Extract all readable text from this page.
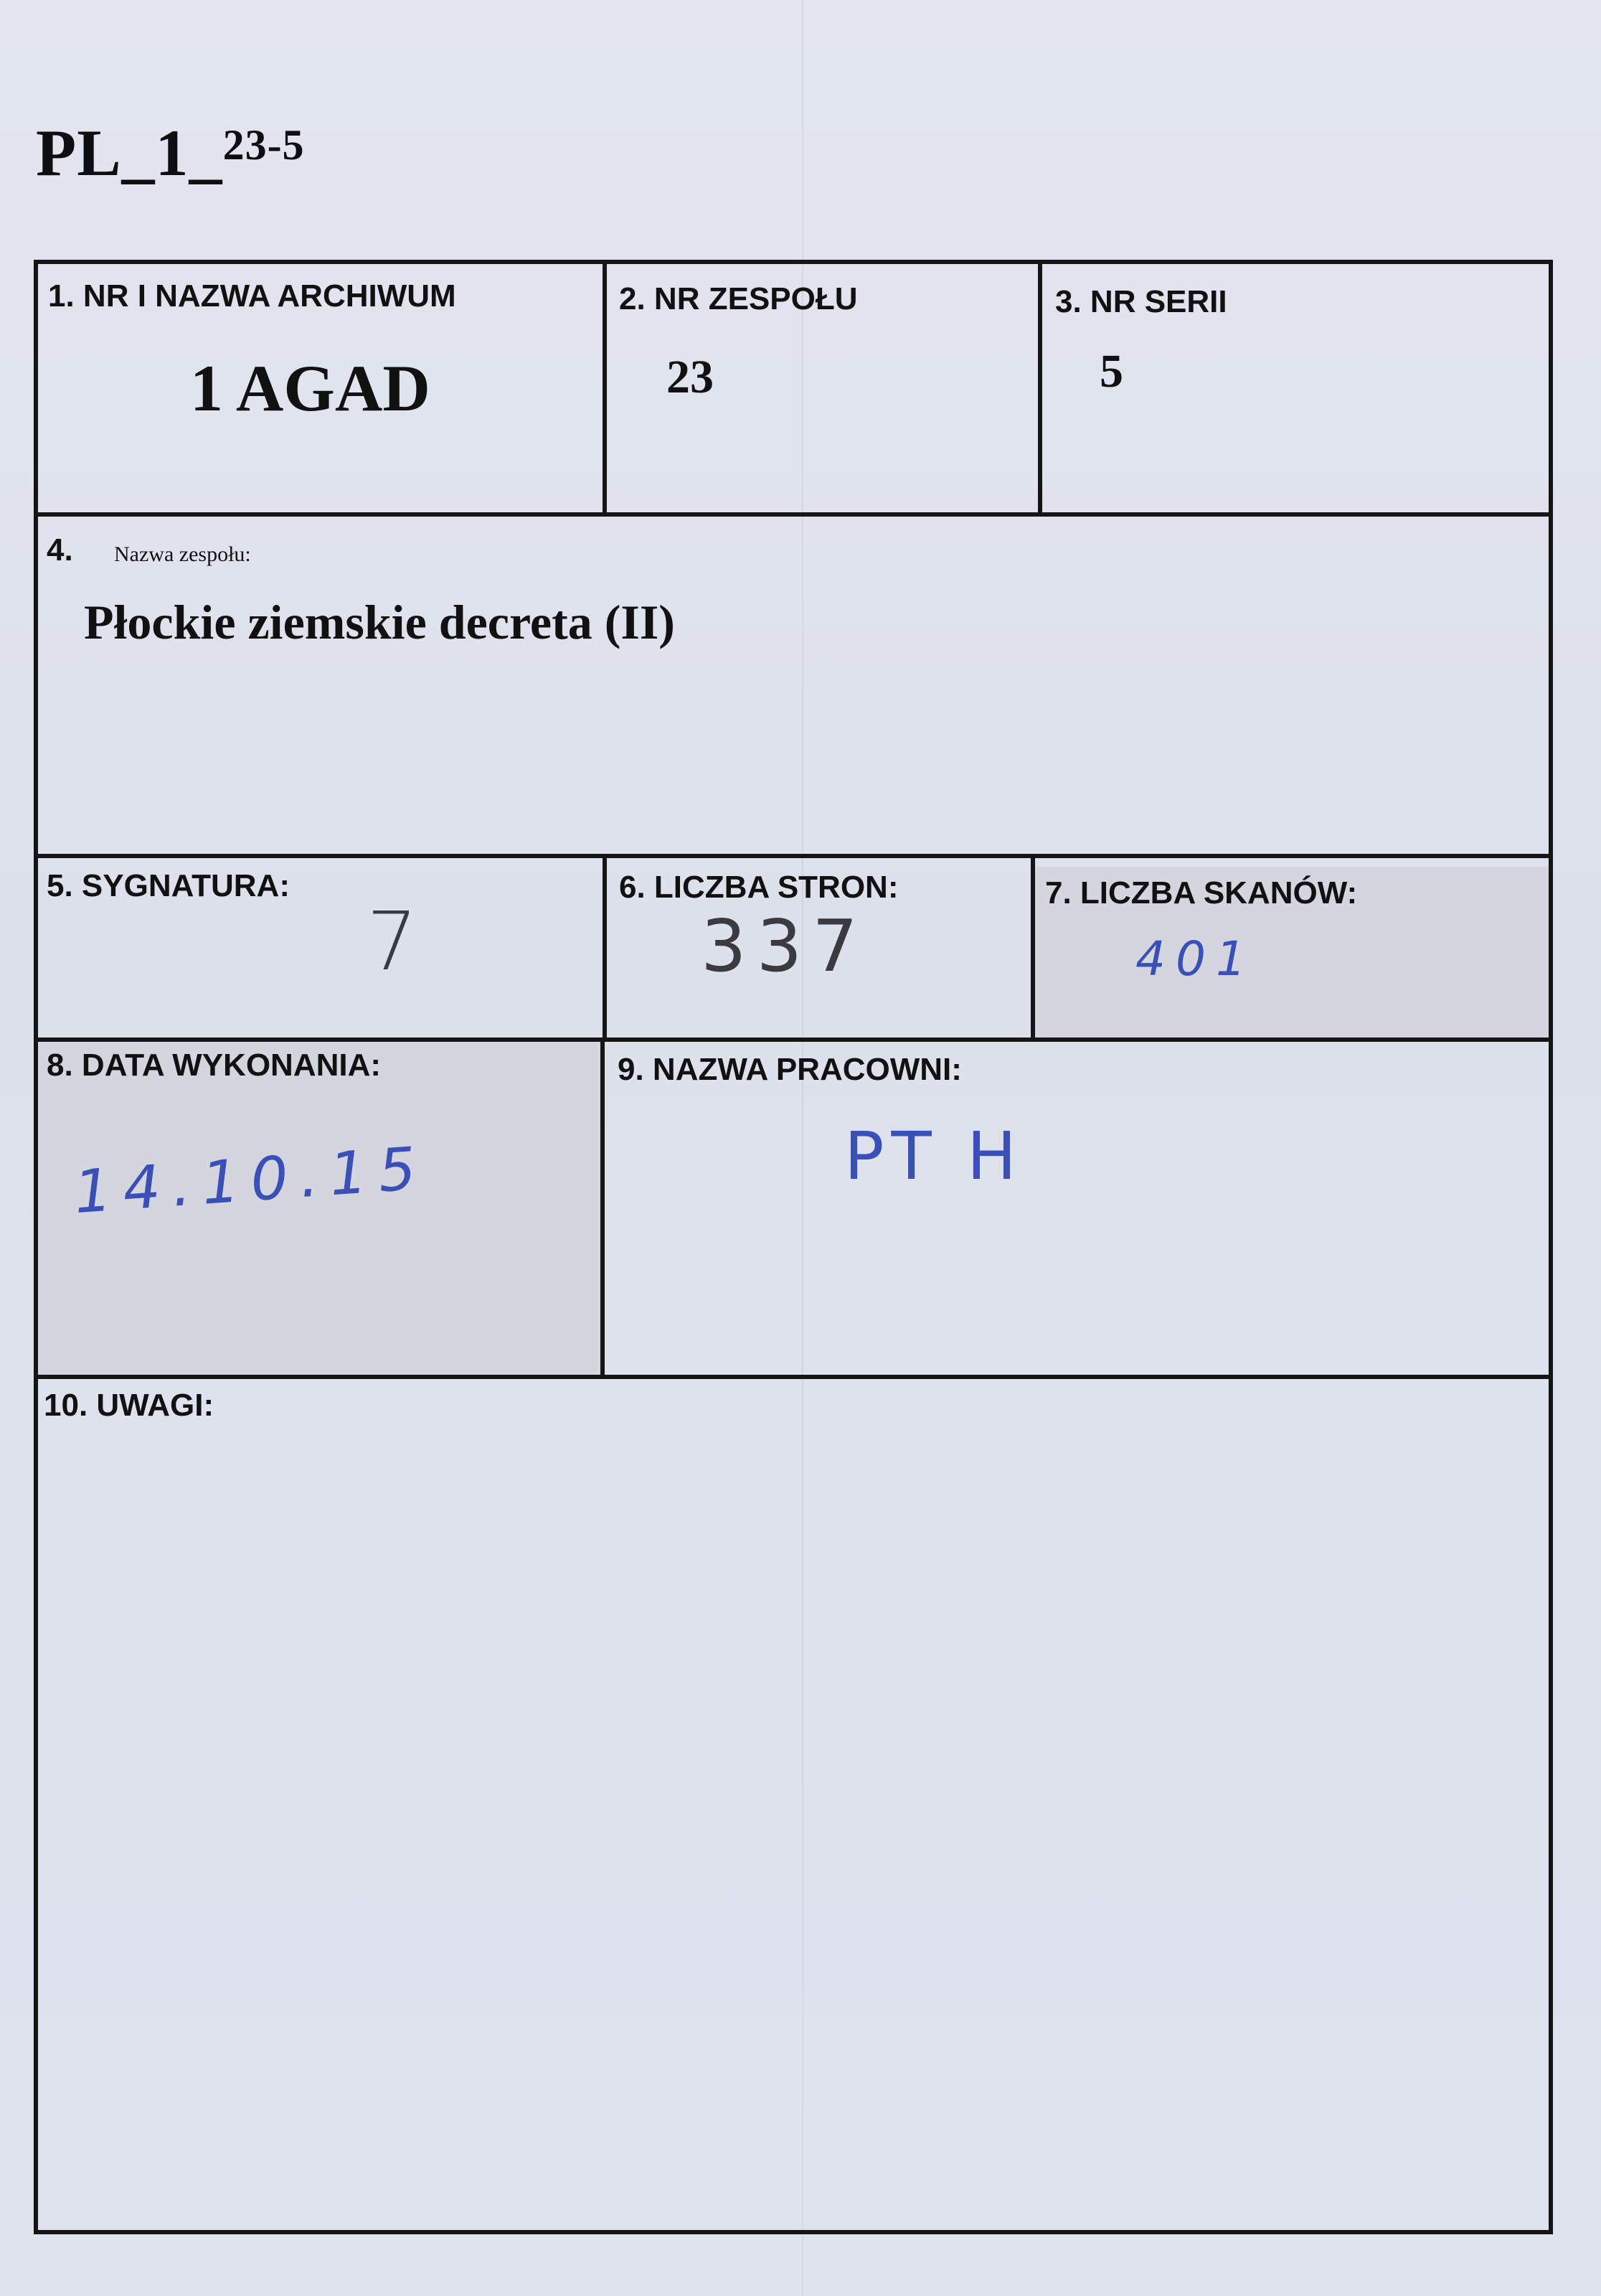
PL_1_$^{23-5}$
1. NR I NAZWA ARCHIWUM
1 AGAD
2. NR ZESPOŁU
23
3. NR SERII
5
4. Nazwa zespołu:
Płockie ziemskie decreta (II)
5. SYGNATURA:
7
6. LICZBA STRON:
337
7. LICZBA SKANÓW:
401
8. DATA WYKONANIA:
14.10.15
9. NAZWA PRACOWNI:
PT H
10. UWAGI:
